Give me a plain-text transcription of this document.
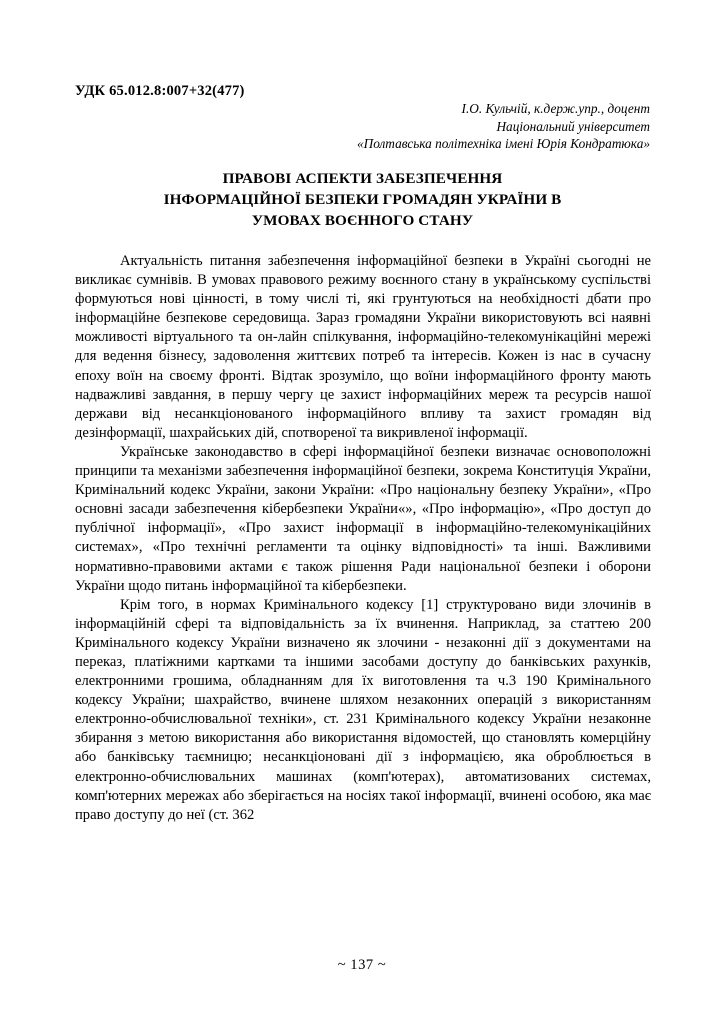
УДК 65.012.8:007+32(477)
І.О. Кульчій, к.держ.упр., доцент
Національний університет
«Полтавська політехніка імені Юрія Кондратюка»
ПРАВОВІ АСПЕКТИ ЗАБЕЗПЕЧЕННЯ
ІНФОРМАЦІЙНОЇ БЕЗПЕКИ ГРОМАДЯН УКРАЇНИ В
УМОВАХ ВОЄННОГО СТАНУ

Актуальність питання забезпечення інформаційної безпеки в Україні сьогодні не викликає сумнівів. В умовах правового режиму воєнного стану в українському суспільстві формуються нові цінності, в тому числі ті, які грунтуються на необхідності дбати про інформаційне безпекове середовища. Зараз громадяни України використовують всі наявні можливості віртуального та он-лайн спілкування, інформаційно-телекомунікаційні мережі для ведення бізнесу, задоволення життєвих потреб та інтересів. Кожен із нас в сучасну епоху воїн на своєму фронті. Відтак зрозуміло, що воїни інформаційного фронту мають надважливі завдання, в першу чергу це захист інформаційних мереж та ресурсів нашої держави від несанкціонованого інформаційного впливу та захист громадян від дезінформації, шахрайських дій, спотвореної та викривленої інформації.

Українське законодавство в сфері інформаційної безпеки визначає основоположні принципи та механізми забезпечення інформаційної безпеки, зокрема Конституція України, Кримінальний кодекс України, закони України: «Про національну безпеку України», «Про основні засади забезпечення кібербезпеки України«», «Про інформацію», «Про доступ до публічної інформації», «Про захист інформації в інформаційно-телекомунікаційних системах», «Про технічні регламенти та оцінку відповідності» та інші. Важливими нормативно-правовими актами є також рішення Ради національної безпеки і оборони України щодо питань інформаційної та кібербезпеки.

Крім того, в нормах Кримінального кодексу [1] структуровано види злочинів в інформаційній сфері та відповідальність за їх вчинення. Наприклад, за статтею 200 Кримінального кодексу України визначено як злочини - незаконні дії з документами на переказ, платіжними картками та іншими засобами доступу до банківських рахунків, електронними грошима, обладнанням для їх виготовлення та ч.3 190 Кримінального кодексу України; шахрайство, вчинене шляхом незаконних операцій з використанням електронно-обчислювальної техніки», ст. 231 Кримінального кодексу України незаконне збирання з метою використання або використання відомостей, що становлять комерційну або банківську таємницю; несанкціоновані дії з інформацією, яка оброблюється в електронно-обчислювальних машинах (комп'ютерах), автоматизованих системах, комп'ютерних мережах або зберігається на носіях такої інформації, вчинені особою, яка має право доступу до неї (ст. 362

~ 137 ~
